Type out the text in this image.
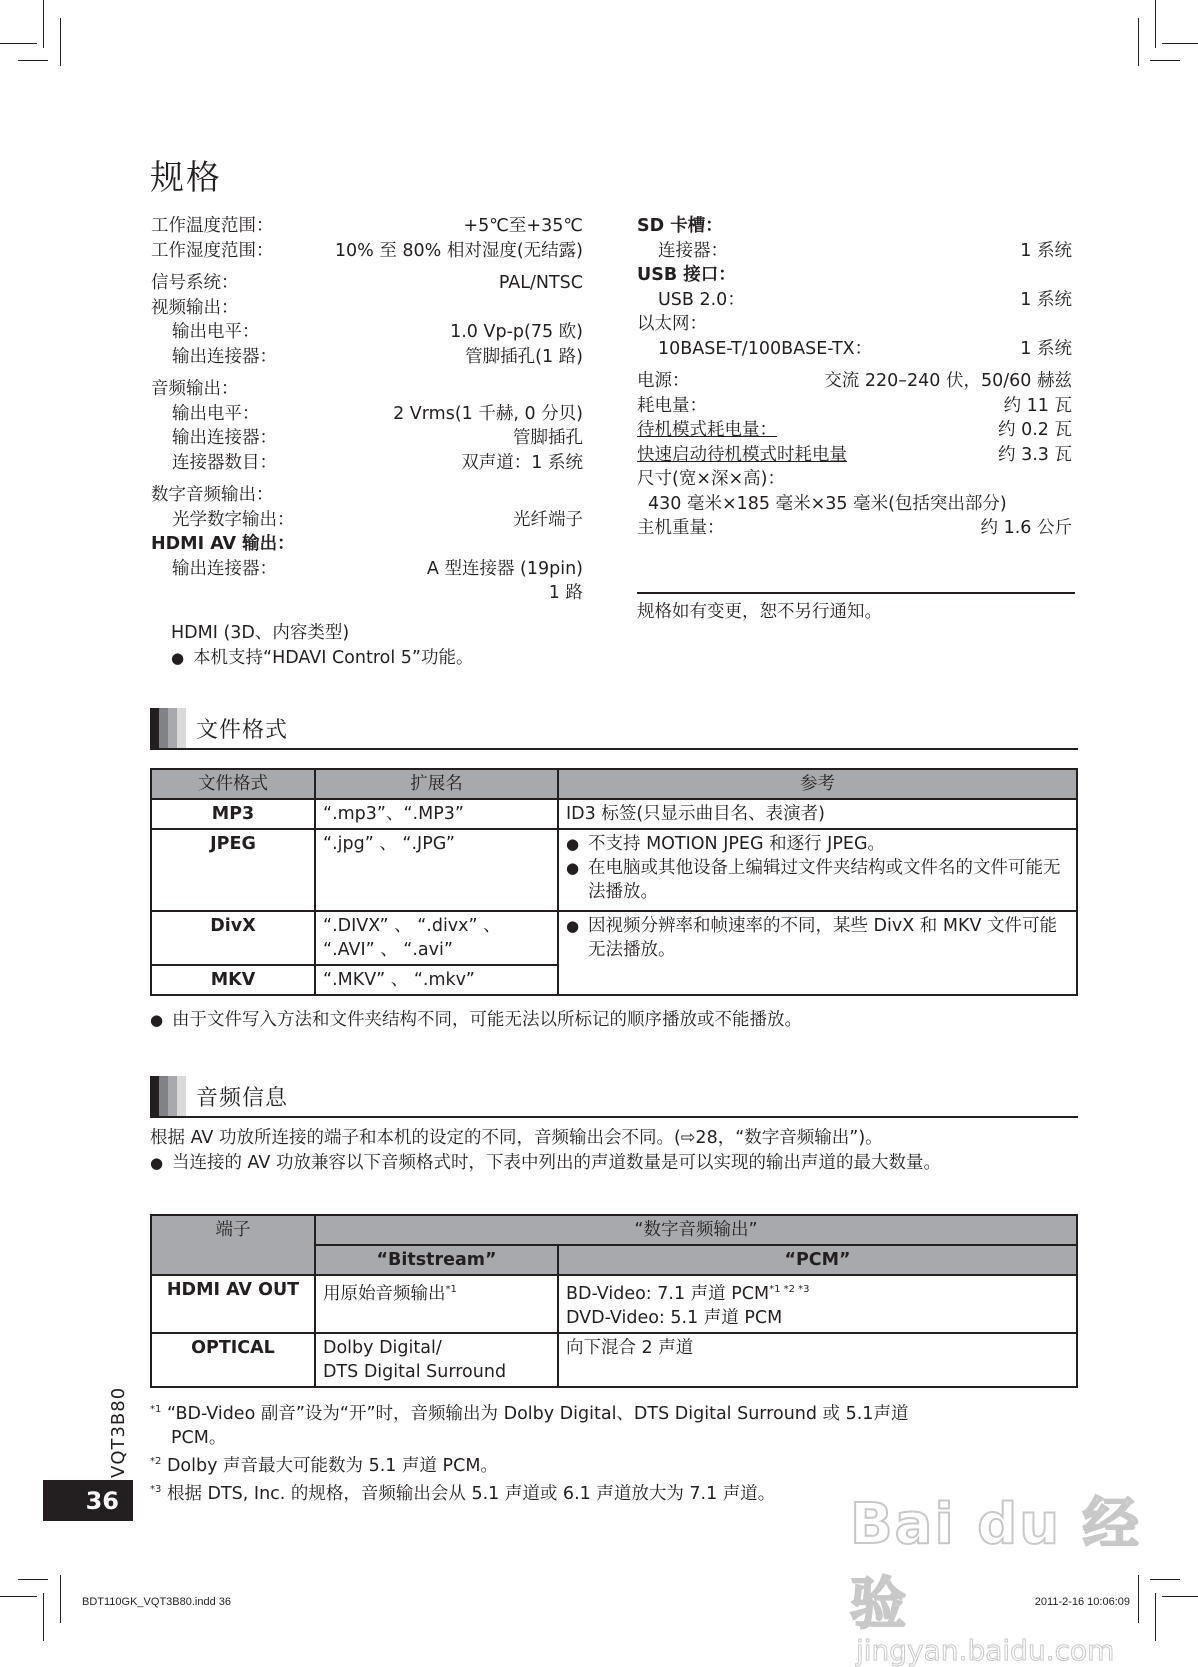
规格
工作温度范围：	+5℃至+35℃
工作湿度范围：	10% 至 80% 相对湿度(无结露)
信号系统：	PAL/NTSC
视频输出：
输出电平：	1.0 Vp-p(75 欧)
输出连接器：	管脚插孔(1 路)
音频输出：
输出电平：	2 Vrms(1 千赫, 0 分贝)
输出连接器：	管脚插孔
连接器数目：	双声道：1 系统
数字音频输出：
光学数字输出：	光纤端子
HDMI AV 输出：
输出连接器：	A 型连接器 (19pin)
1 路
HDMI (3D、内容类型)
● 本机支持“HDAVI Control 5”功能。
SD 卡槽：
连接器：	1 系统
USB 接口：
USB 2.0：	1 系统
以太网：
10BASE-T/100BASE-TX：	1 系统
电源：	交流 220–240 伏，50/60 赫兹
耗电量：	约 11 瓦
待机模式耗电量：	约 0.2 瓦
快速启动待机模式时耗电量	约 3.3 瓦
尺寸(宽×深×高)：
430 毫米×185 毫米×35 毫米(包括突出部分)
主机重量：	约 1.6 公斤
规格如有变更，恕不另行通知。
文件格式
文件格式	扩展名	参考
MP3	“.mp3”、“.MP3”	ID3 标签(只显示曲目名、表演者)
JPEG	“.jpg” 、 “.JPG”	● 不支持 MOTION JPEG 和逐行 JPEG。
● 在电脑或其他设备上编辑过文件夹结构或文件名的文件可能无法播放。

DivX	“.DIVX” 、 “.divx” 、
“.AVI” 、 “.avi”	● 因视频分辨率和帧速率的不同，某些 DivX 和 MKV 文件可能无法播放。

MKV	“.MKV” 、 “.mkv”	
● 由于文件写入方法和文件夹结构不同，可能无法以所标记的顺序播放或不能播放。
音频信息
根据 AV 功放所连接的端子和本机的设定的不同，音频输出会不同。(⇨28，“数字音频输出”)。
● 当连接的 AV 功放兼容以下音频格式时，下表中列出的声道数量是可以实现的输出声道的最大数量。
端子	“数字音频输出”	
	“Bitstream”	“PCM”
HDMI AV OUT	用原始音频输出$^{*1}$	BD-Video: 7.1 声道 $PCM^{*1 *2 *3}$
DVD-Video: 5.1 声道 PCM

OPTICAL	Dolby Digital/
DTS Digital Surround	向下混合 2 声道
$^{*1}$ “BD-Video 副音”设为“开”时，音频输出为 Dolby Digital、DTS Digital Surround 或 5.1声道
PCM。
$^{*2}$ Dolby 声音最大可能数为 5.1 声道 PCM。
$^{*3}$ 根据 DTS, Inc. 的规格，音频输出会从 5.1 声道或 6.1 声道放大为 7.1 声道。
VQT3B80
36	Bai du 经验
jingyan.baidu.com
BDT110GK_VQT3B80.indd 36	2011-2-16 10:06:09
